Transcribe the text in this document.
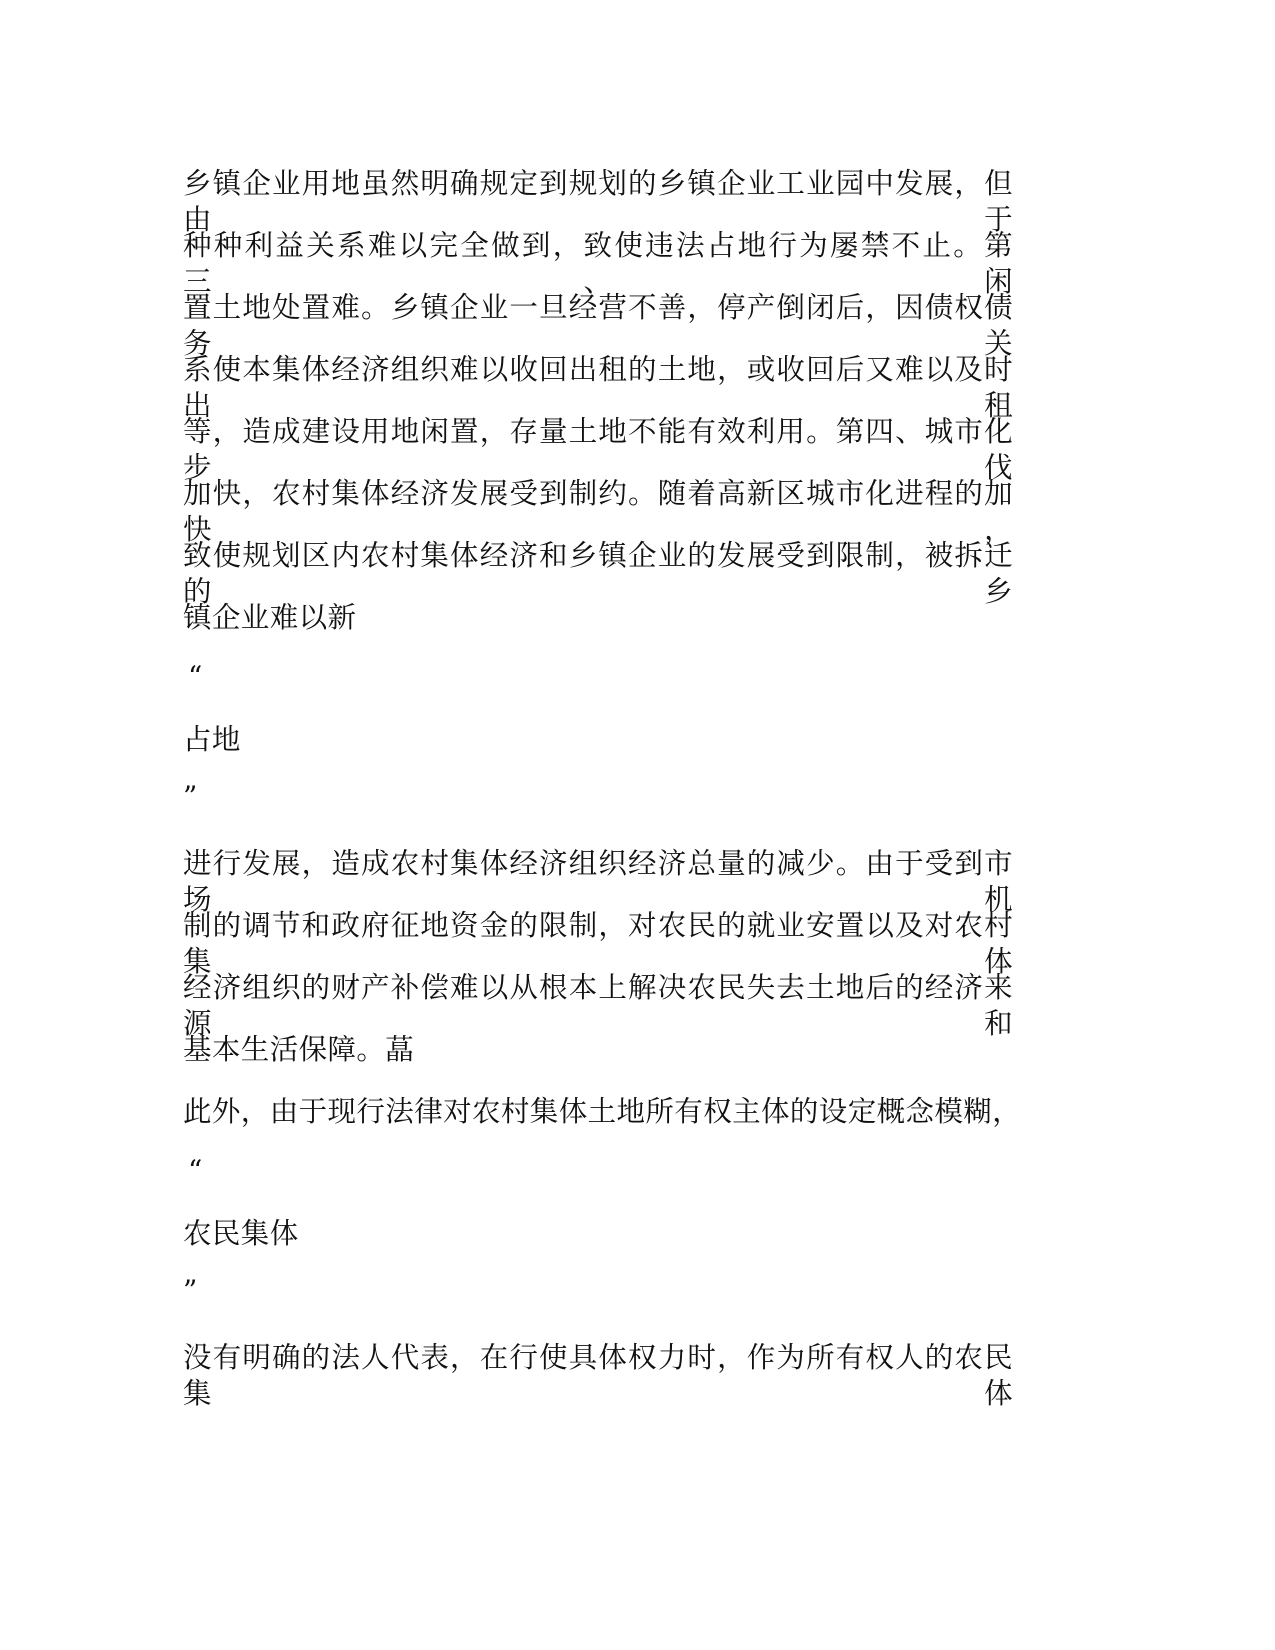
乡镇企业用地虽然明确规定到规划的乡镇企业工业园中发展，但由于
种种利益关系难以完全做到，致使违法占地行为屡禁不止。第三、闲
置土地处置难。乡镇企业一旦经营不善，停产倒闭后，因债权债务关
系使本集体经济组织难以收回出租的土地，或收回后又难以及时出租
等，造成建设用地闲置，存量土地不能有效利用。第四、城市化步伐
加快，农村集体经济发展受到制约。随着高新区城市化进程的加快，
致使规划区内农村集体经济和乡镇企业的发展受到限制，被拆迁的乡
镇企业难以新
“
占地
”
进行发展，造成农村集体经济组织经济总量的减少。由于受到市场机
制的调节和政府征地资金的限制，对农民的就业安置以及对农村集体
经济组织的财产补偿难以从根本上解决农民失去土地后的经济来源和
基本生活保障。蕌
此外，由于现行法律对农村集体土地所有权主体的设定概念模糊，
“
农民集体
”
没有明确的法人代表，在行使具体权力时，作为所有权人的农民集体
